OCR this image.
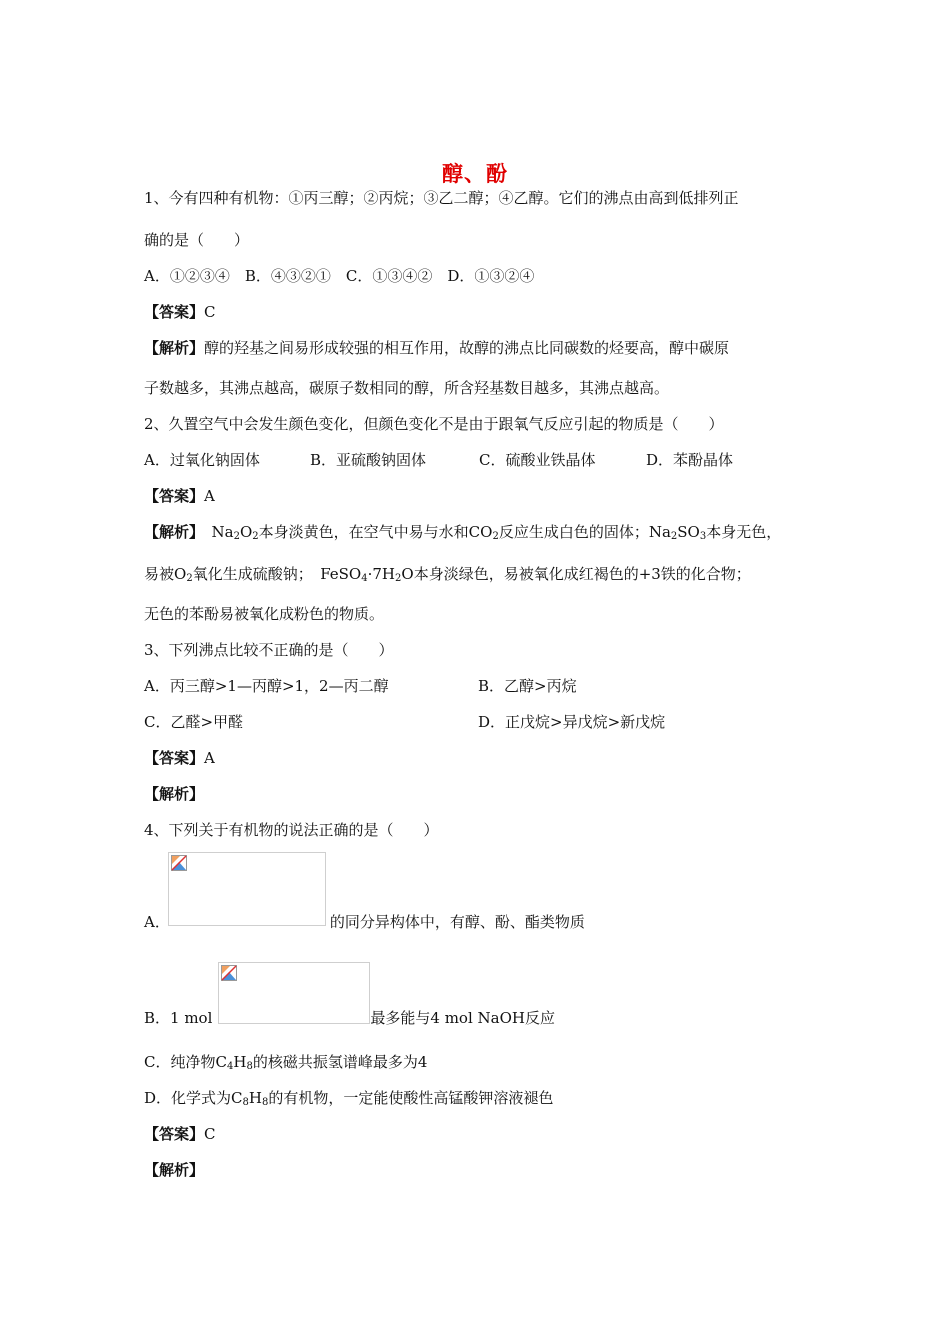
醇、酚
1、今有四种有机物：①丙三醇；②丙烷；③乙二醇；④乙醇。它们的沸点由高到低排列正
确的是（　　）
A．①②③④　B．④③②①　C．①③④②　D．①③②④
【答案】C
【解析】醇的羟基之间易形成较强的相互作用，故醇的沸点比同碳数的烃要高，醇中碳原
子数越多，其沸点越高，碳原子数相同的醇，所含羟基数目越多，其沸点越高。
2、久置空气中会发生颜色变化，但颜色变化不是由于跟氧气反应引起的物质是（　　）
A．过氧化钠固体	B．亚硫酸钠固体	C．硫酸业铁晶体	D．苯酚晶体
【答案】A
【解析】　Na2O2本身淡黄色，在空气中易与水和CO2反应生成白色的固体；Na2SO3本身无色，
易被O2氧化生成硫酸钠；　FeSO4·7H2O本身淡绿色，易被氧化成红褐色的+3铁的化合物；
无色的苯酚易被氧化成粉色的物质。
3、下列沸点比较不正确的是（　　）
A．丙三醇>1—丙醇>1，2—丙二醇	B．乙醇>丙烷
C．乙醛>甲醛	D．正戊烷>异戊烷>新戊烷
【答案】A
【解析】
4、下列关于有机物的说法正确的是（　　）
A．	的同分异构体中，有醇、酚、酯类物质
B．1 mol	最多能与4 mol NaOH反应
C．纯净物C4H8的核磁共振氢谱峰最多为4
D．化学式为C8H8的有机物，一定能使酸性高锰酸钾溶液褪色
【答案】C
【解析】
